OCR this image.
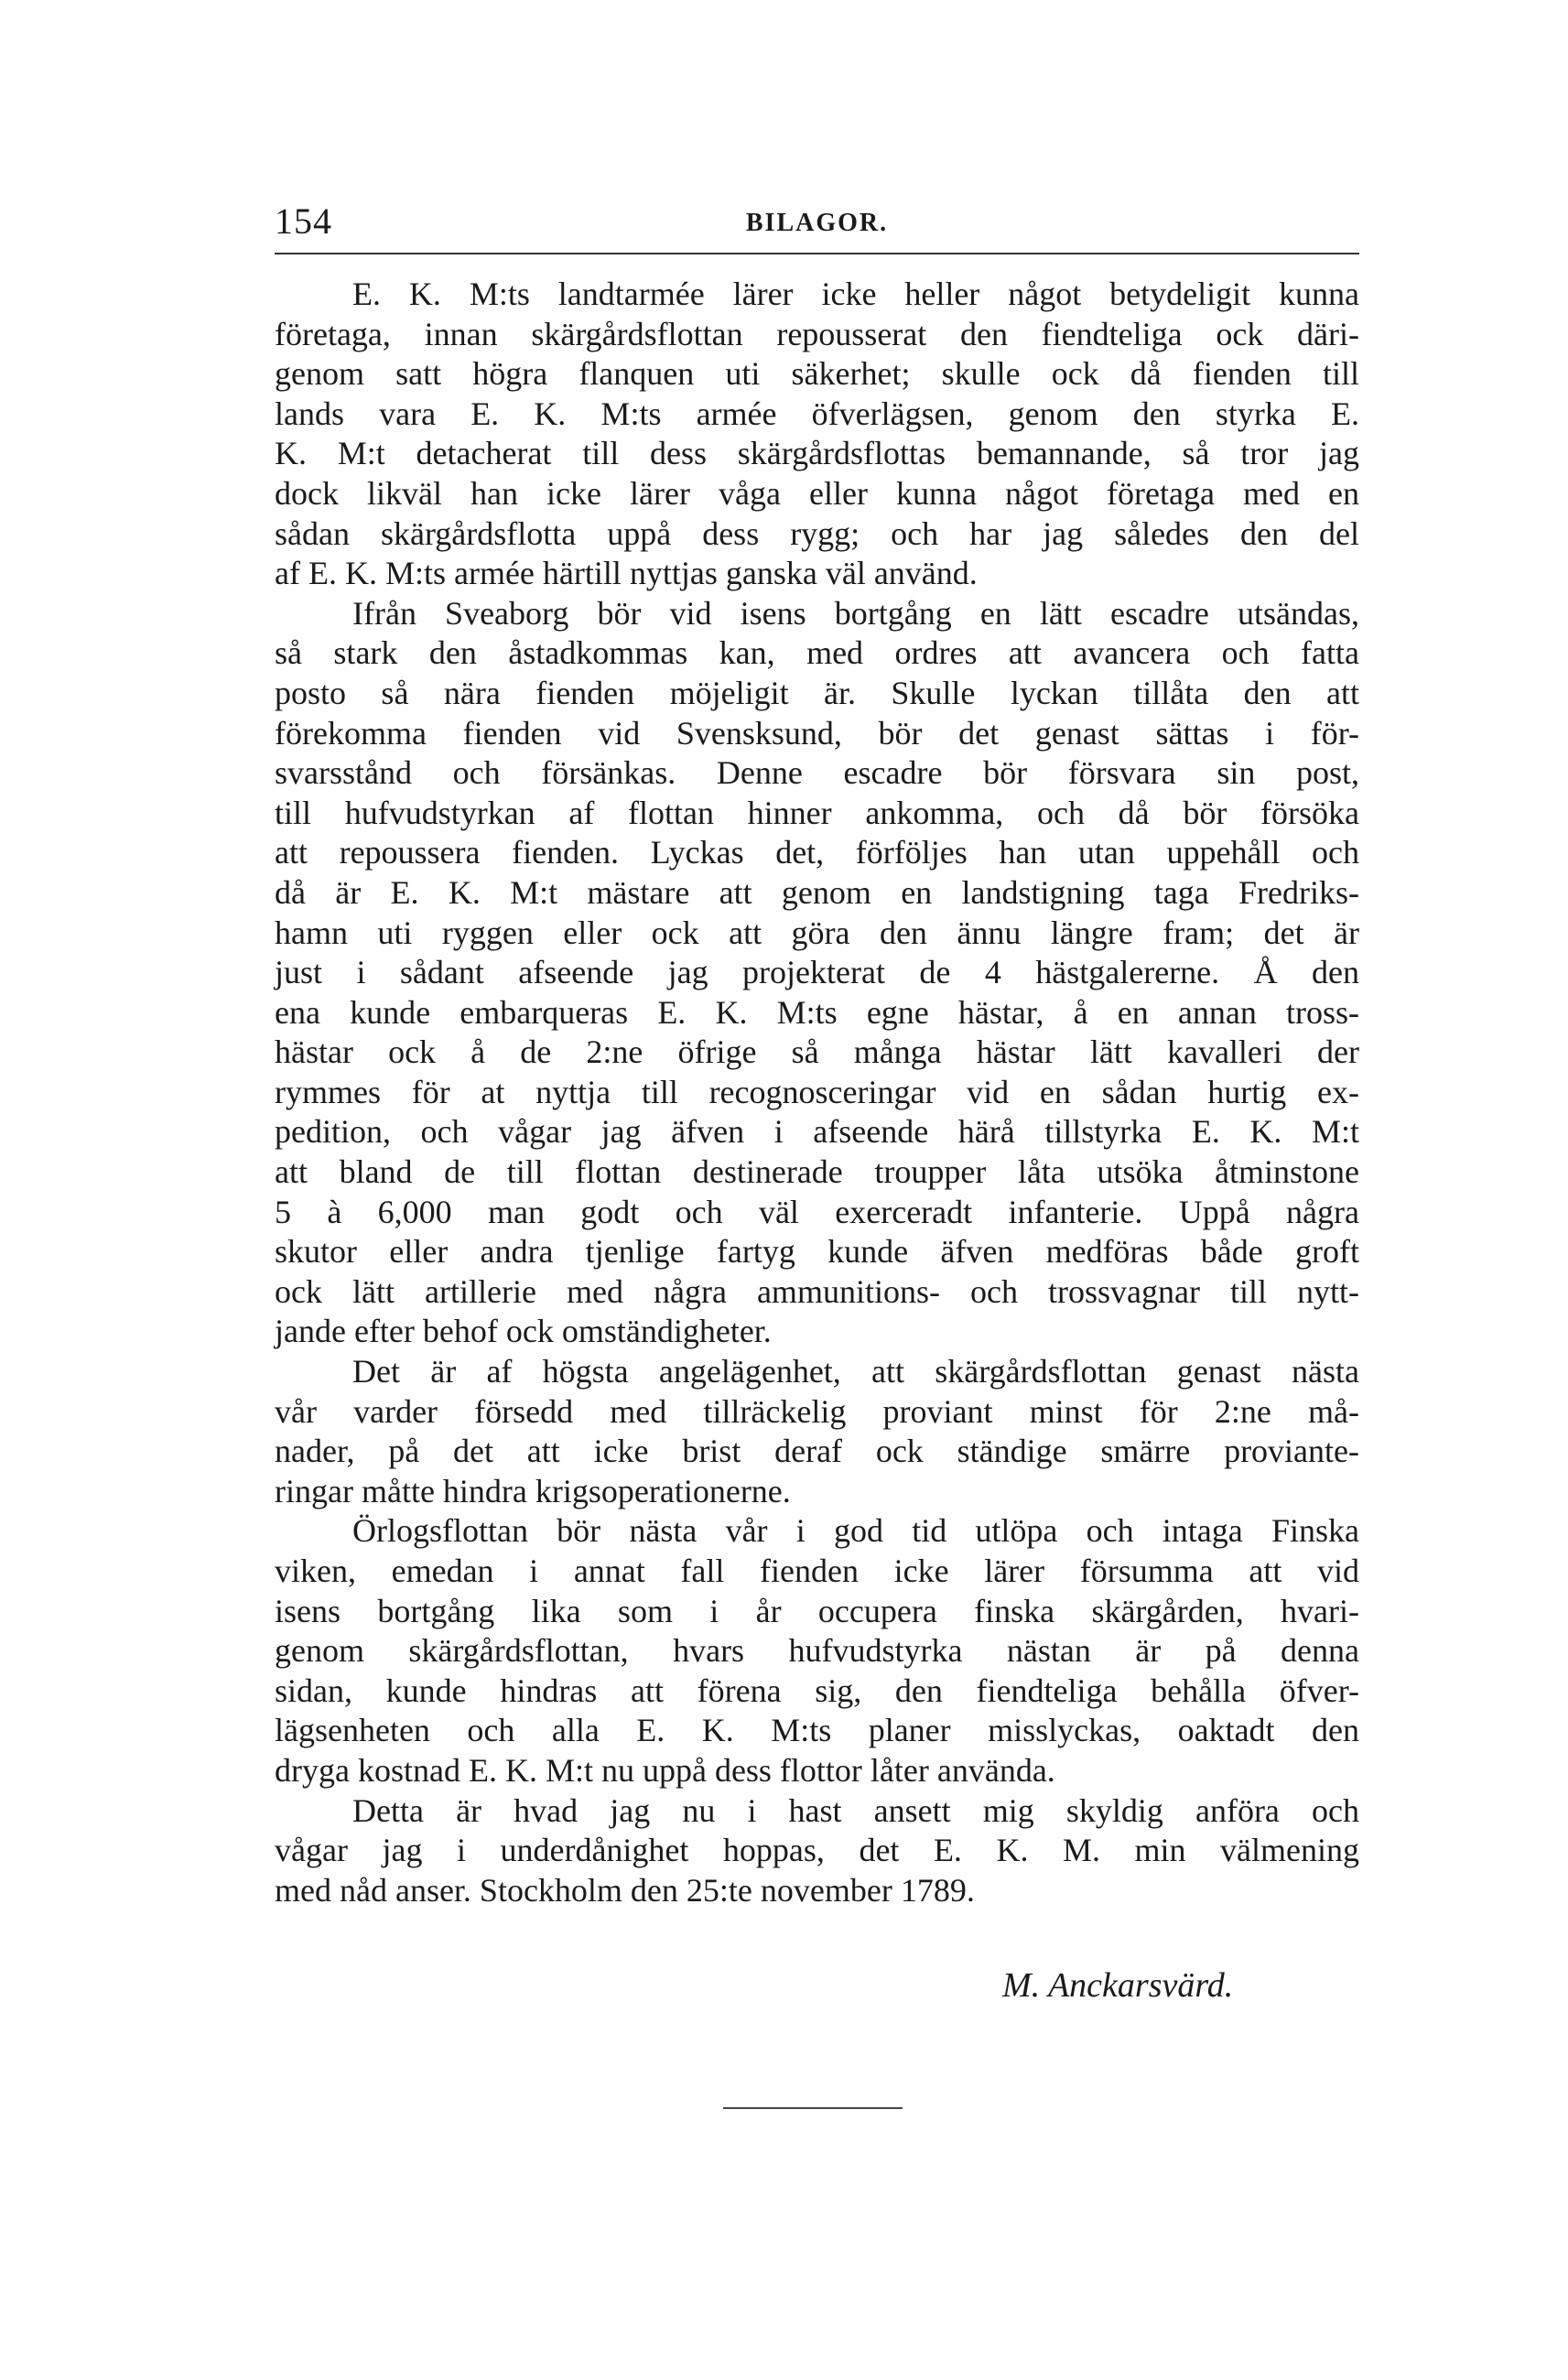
154	BILAGOR.
E. K. M:ts landtarmée lärer icke heller något betydeligit kunna
företaga, innan skärgårdsflottan repousserat den fiendteliga ock däri-
genom satt högra flanquen uti säkerhet; skulle ock då fienden till
lands vara E. K. M:ts armée öfverlägsen, genom den styrka E.
K. M:t detacherat till dess skärgårdsflottas bemannande, så tror jag
dock likväl han icke lärer våga eller kunna något företaga med en
sådan skärgårdsflotta uppå dess rygg; och har jag således den del
af E. K. M:ts armée härtill nyttjas ganska väl använd.
Ifrån Sveaborg bör vid isens bortgång en lätt escadre utsändas,
så stark den åstadkommas kan, med ordres att avancera och fatta
posto så nära fienden möjeligit är. Skulle lyckan tillåta den att
förekomma fienden vid Svensksund, bör det genast sättas i för-
svarsstånd och försänkas. Denne escadre bör försvara sin post,
till hufvudstyrkan af flottan hinner ankomma, och då bör försöka
att repoussera fienden. Lyckas det, förföljes han utan uppehåll och
då är E. K. M:t mästare att genom en landstigning taga Fredriks-
hamn uti ryggen eller ock att göra den ännu längre fram; det är
just i sådant afseende jag projekterat de 4 hästgalererne. Å den
ena kunde embarqueras E. K. M:ts egne hästar, å en annan tross-
hästar ock å de 2:ne öfrige så många hästar lätt kavalleri der
rymmes för at nyttja till recognosceringar vid en sådan hurtig ex-
pedition, och vågar jag äfven i afseende härå tillstyrka E. K. M:t
att bland de till flottan destinerade troupper låta utsöka åtminstone
5 à 6,000 man godt och väl exerceradt infanterie. Uppå några
skutor eller andra tjenlige fartyg kunde äfven medföras både groft
ock lätt artillerie med några ammunitions- och trossvagnar till nytt-
jande efter behof ock omständigheter.
Det är af högsta angelägenhet, att skärgårdsflottan genast nästa
vår varder försedd med tillräckelig proviant minst för 2:ne må-
nader, på det att icke brist deraf ock ständige smärre proviante-
ringar måtte hindra krigsoperationerne.
Örlogsflottan bör nästa vår i god tid utlöpa och intaga Finska
viken, emedan i annat fall fienden icke lärer försumma att vid
isens bortgång lika som i år occupera finska skärgården, hvari-
genom skärgårdsflottan, hvars hufvudstyrka nästan är på denna
sidan, kunde hindras att förena sig, den fiendteliga behålla öfver-
lägsenheten och alla E. K. M:ts planer misslyckas, oaktadt den
dryga kostnad E. K. M:t nu uppå dess flottor låter använda.
Detta är hvad jag nu i hast ansett mig skyldig anföra och
vågar jag i underdånighet hoppas, det E. K. M. min välmening
med nåd anser. Stockholm den 25:te november 1789.
M. Anckarsvärd.
